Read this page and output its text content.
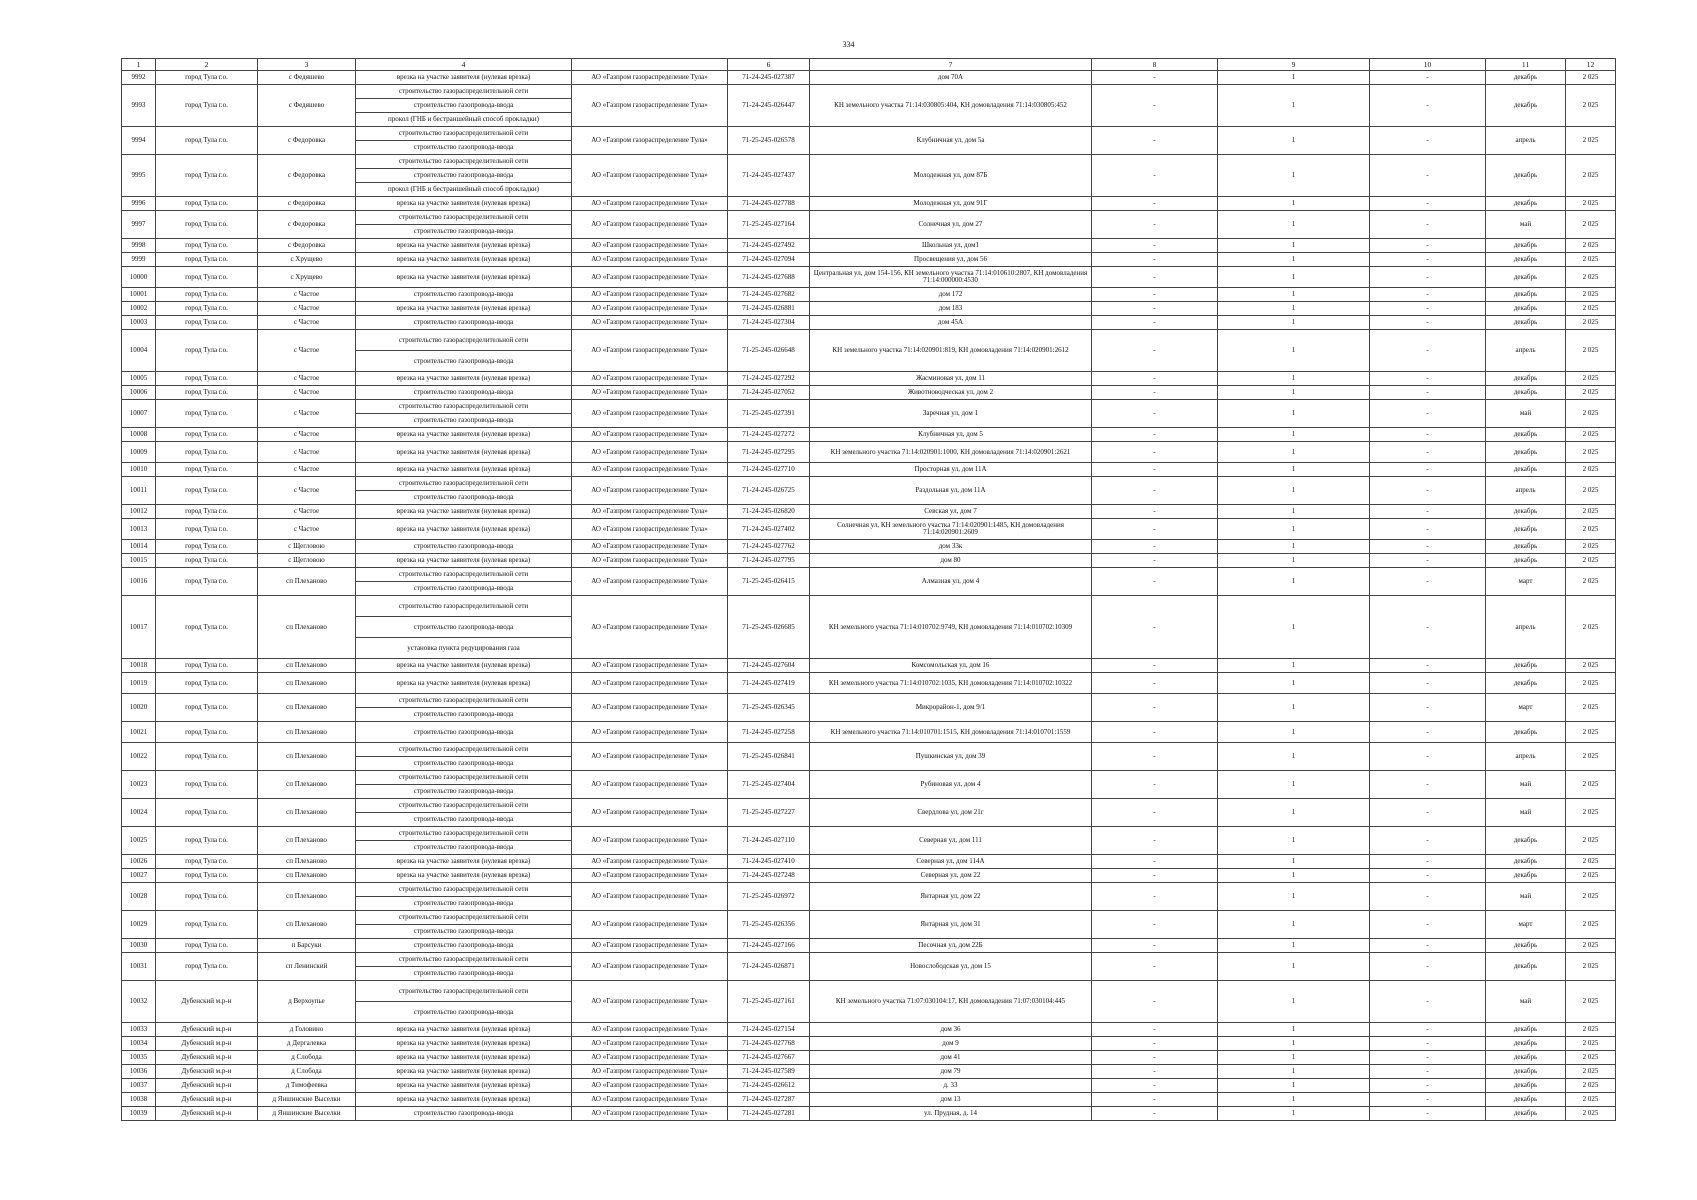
334
1	2	3	4		6	7	8	9	10	11	12
9992	город Тула г.о.	с Федяшево	врезка на участке заявителя (нулевая врезка)	АО «Газпром газораспределение Тула»	71-24-245-027387	дом 70А	-	1	-	декабрь	2 025
9993	город Тула г.о.	с Федяшево	строительство газораспределительной сети	АО «Газпром газораспределение Тула»	71-24-245-026447	КН земельного участка 71:14:030805:404, КН домовладения 71:14:030805:452	-	1	-	декабрь	2 025
			строительство газопровода-ввода								
			прокол (ГНБ и бестраншейный способ прокладки)								
9994	город Тула г.о.	с Федоровка	строительство газораспределительной сети	АО «Газпром газораспределение Тула»	71-25-245-026578	Клубничная ул, дом 5а	-	1	-	апрель	2 025
			строительство газопровода-ввода								
9995	город Тула г.о.	с Федоровка	строительство газораспределительной сети	АО «Газпром газораспределение Тула»	71-24-245-027437	Молодежная ул, дом 87Б	-	1	-	декабрь	2 025
			строительство газопровода-ввода								
			прокол (ГНБ и бестраншейный способ прокладки)								
9996	город Тула г.о.	с Федоровка	врезка на участке заявителя (нулевая врезка)	АО «Газпром газораспределение Тула»	71-24-245-027788	Молодежная ул, дом 91Г	-	1	-	декабрь	2 025
9997	город Тула г.о.	с Федоровка	строительство газораспределительной сети	АО «Газпром газораспределение Тула»	71-25-245-027164	Солнечная ул, дом 27	-	1	-	май	2 025
			строительство газопровода-ввода								
9998	город Тула г.о.	с Федоровка	врезка на участке заявителя (нулевая врезка)	АО «Газпром газораспределение Тула»	71-24-245-027492	Школьная ул, дом1	-	1	-	декабрь	2 025
9999	город Тула г.о.	с Хрущево	врезка на участке заявителя (нулевая врезка)	АО «Газпром газораспределение Тула»	71-24-245-027094	Просвещения ул, дом 56	-	1	-	декабрь	2 025
10000	город Тула г.о.	с Хрущево	врезка на участке заявителя (нулевая врезка)	АО «Газпром газораспределение Тула»	71-24-245-027688	Центральная ул, дом 154-156, КН земельного участка 71:14:010610:2807, КН домовладения 71:14:000000:4530	-	1	-	декабрь	2 025
10001	город Тула г.о.	с Частое	строительство газопровода-ввода	АО «Газпром газораспределение Тула»	71-24-245-027682	дом 172	-	1	-	декабрь	2 025
10002	город Тула г.о.	с Частое	врезка на участке заявителя (нулевая врезка)	АО «Газпром газораспределение Тула»	71-24-245-026881	дом 183	-	1	-	декабрь	2 025
10003	город Тула г.о.	с Частое	строительство газопровода-ввода	АО «Газпром газораспределение Тула»	71-24-245-027304	дом 45А	-	1	-	декабрь	2 025
10004	город Тула г.о.	с Частое	строительство газораспределительной сети	АО «Газпром газораспределение Тула»	71-25-245-026648	КН земельного участка 71:14:020901:819, КН домовладения 71:14:020901:2612	-	1	-	апрель	2 025
			строительство газопровода-ввода								
10005	город Тула г.о.	с Частое	врезка на участке заявителя (нулевая врезка)	АО «Газпром газораспределение Тула»	71-24-245-027292	Жасминовая ул, дом 11	-	1	-	декабрь	2 025
10006	город Тула г.о.	с Частое	строительство газопровода-ввода	АО «Газпром газораспределение Тула»	71-24-245-027052	Животноводческая ул, дом 2	-	1	-	декабрь	2 025
10007	город Тула г.о.	с Частое	строительство газораспределительной сети	АО «Газпром газораспределение Тула»	71-25-245-027391	Заречная ул, дом 1	-	1	-	май	2 025
			строительство газопровода-ввода								
10008	город Тула г.о.	с Частое	врезка на участке заявителя (нулевая врезка)	АО «Газпром газораспределение Тула»	71-24-245-027272	Клубничная ул, дом 5	-	1	-	декабрь	2 025
10009	город Тула г.о.	с Частое	врезка на участке заявителя (нулевая врезка)	АО «Газпром газораспределение Тула»	71-24-245-027295	КН земельного участка 71:14:020901:1000, КН домовладения 71:14:020901:2621	-	1	-	декабрь	2 025
10010	город Тула г.о.	с Частое	врезка на участке заявителя (нулевая врезка)	АО «Газпром газораспределение Тула»	71-24-245-027710	Просторная ул, дом 11А	-	1	-	декабрь	2 025
10011	город Тула г.о.	с Частое	строительство газораспределительной сети	АО «Газпром газораспределение Тула»	71-24-245-026725	Раздольная ул, дом 11А	-	1	-	апрель	2 025
			строительство газопровода-ввода								
10012	город Тула г.о.	с Частое	врезка на участке заявителя (нулевая врезка)	АО «Газпром газораспределение Тула»	71-24-245-026820	Севская ул, дом 7	-	1	-	декабрь	2 025
10013	город Тула г.о.	с Частое	врезка на участке заявителя (нулевая врезка)	АО «Газпром газораспределение Тула»	71-24-245-027402	Солнечная ул, КН земельного участка 71:14:020901:1485, КН домовладения 71:14:020901:2609	-	1	-	декабрь	2 025
10014	город Тула г.о.	с Щегловою	строительство газопровода-ввода	АО «Газпром газораспределение Тула»	71-24-245-027762	дом 33к	-	1	-	декабрь	2 025
10015	город Тула г.о.	с Щегловою	врезка на участке заявителя (нулевая врезка)	АО «Газпром газораспределение Тула»	71-24-245-027795	дом 80	-	1	-	декабрь	2 025
10016	город Тула г.о.	сп Плеханово	строительство газораспределительной сети	АО «Газпром газораспределение Тула»	71-25-245-026415	Алмазная ул, дом 4	-	1	-	март	2 025
			строительство газопровода-ввода								
10017	город Тула г.о.	сп Плеханово	строительство газораспределительной сети	АО «Газпром газораспределение Тула»	71-25-245-026685	КН земельного участка 71:14:010702:9749, КН домовладения 71:14:010702:10309	-	1	-	апрель	2 025
			строительство газопровода-ввода								
			установка пункта редуцирования газа								
10018	город Тула г.о.	сп Плеханово	врезка на участке заявителя (нулевая врезка)	АО «Газпром газораспределение Тула»	71-24-245-027604	Комсомольская ул, дом 16	-	1	-	декабрь	2 025
10019	город Тула г.о.	сп Плеханово	врезка на участке заявителя (нулевая врезка)	АО «Газпром газораспределение Тула»	71-24-245-027419	КН земельного участка 71:14:010702:1035, КН домовладения 71:14:010702:10322	-	1	-	декабрь	2 025
10020	город Тула г.о.	сп Плеханово	строительство газораспределительной сети	АО «Газпром газораспределение Тула»	71-25-245-026345	Микрорайон-1, дом 9/1	-	1	-	март	2 025
			строительство газопровода-ввода								
10021	город Тула г.о.	сп Плеханово	строительство газопровода-ввода	АО «Газпром газораспределение Тула»	71-24-245-027258	КН земельного участка 71:14:010701:1515, КН домовладения 71:14:010701:1559	-	1	-	декабрь	2 025
10022	город Тула г.о.	сп Плеханово	строительство газораспределительной сети	АО «Газпром газораспределение Тула»	71-25-245-026841	Пушкинская ул, дом 39	-	1	-	апрель	2 025
			строительство газопровода-ввода								
10023	город Тула г.о.	сп Плеханово	строительство газораспределительной сети	АО «Газпром газораспределение Тула»	71-25-245-027404	Рубиновая ул, дом 4	-	1	-	май	2 025
			строительство газопровода-ввода								
10024	город Тула г.о.	сп Плеханово	строительство газораспределительной сети	АО «Газпром газораспределение Тула»	71-25-245-027227	Свердлова ул, дом 21г	-	1	-	май	2 025
			строительство газопровода-ввода								
10025	город Тула г.о.	сп Плеханово	строительство газораспределительной сети	АО «Газпром газораспределение Тула»	71-24-245-027110	Северная ул, дом 111	-	1	-	декабрь	2 025
			строительство газопровода-ввода								
10026	город Тула г.о.	сп Плеханово	врезка на участке заявителя (нулевая врезка)	АО «Газпром газораспределение Тула»	71-24-245-027410	Северная ул, дом 114А	-	1	-	декабрь	2 025
10027	город Тула г.о.	сп Плеханово	врезка на участке заявителя (нулевая врезка)	АО «Газпром газораспределение Тула»	71-24-245-027248	Северная ул, дом 22	-	1	-	декабрь	2 025
10028	город Тула г.о.	сп Плеханово	строительство газораспределительной сети	АО «Газпром газораспределение Тула»	71-25-245-026972	Янтарная ул, дом 22	-	1	-	май	2 025
			строительство газопровода-ввода								
10029	город Тула г.о.	сп Плеханово	строительство газораспределительной сети	АО «Газпром газораспределение Тула»	71-25-245-026356	Янтарная ул, дом 31	-	1	-	март	2 025
			строительство газопровода-ввода								
10030	город Тула г.о.	п Барсуки	строительство газопровода-ввода	АО «Газпром газораспределение Тула»	71-24-245-027166	Песочная ул, дом 22Б	-	1	-	декабрь	2 025
10031	город Тула г.о.	сп Ленинский	строительство газораспределительной сети	АО «Газпром газораспределение Тула»	71-24-245-026871	Новослободская ул, дом 15	-	1	-	декабрь	2 025
			строительство газопровода-ввода								
10032	Дубенский м.р-н	д Верхоупье	строительство газораспределительной сети	АО «Газпром газораспределение Тула»	71-25-245-027161	КН земельного участка 71:07:030104:17, КН домовладения 71:07:030104:445	-	1	-	май	2 025
			строительство газопровода-ввода								
10033	Дубенский м.р-н	д Головино	врезка на участке заявителя (нулевая врезка)	АО «Газпром газораспределение Тула»	71-24-245-027154	дом 36	-	1	-	декабрь	2 025
10034	Дубенский м.р-н	д Дергалевка	врезка на участке заявителя (нулевая врезка)	АО «Газпром газораспределение Тула»	71-24-245-027768	дом 9	-	1	-	декабрь	2 025
10035	Дубенский м.р-н	д Слобода	врезка на участке заявителя (нулевая врезка)	АО «Газпром газораспределение Тула»	71-24-245-027667	дом 41	-	1	-	декабрь	2 025
10036	Дубенский м.р-н	д Слобода	врезка на участке заявителя (нулевая врезка)	АО «Газпром газораспределение Тула»	71-24-245-027589	дом 79	-	1	-	декабрь	2 025
10037	Дубенский м.р-н	д Тимофеевка	врезка на участке заявителя (нулевая врезка)	АО «Газпром газораспределение Тула»	71-24-245-026612	д. 33	-	1	-	декабрь	2 025
10038	Дубенский м.р-н	д Яншинские Выселки	врезка на участке заявителя (нулевая врезка)	АО «Газпром газораспределение Тула»	71-24-245-027287	дом 13	-	1	-	декабрь	2 025
10039	Дубенский м.р-н	д Яншинские Выселки	строительство газопровода-ввода	АО «Газпром газораспределение Тула»	71-24-245-027281	ул. Прудная, д. 14	-	1	-	декабрь	2 025
